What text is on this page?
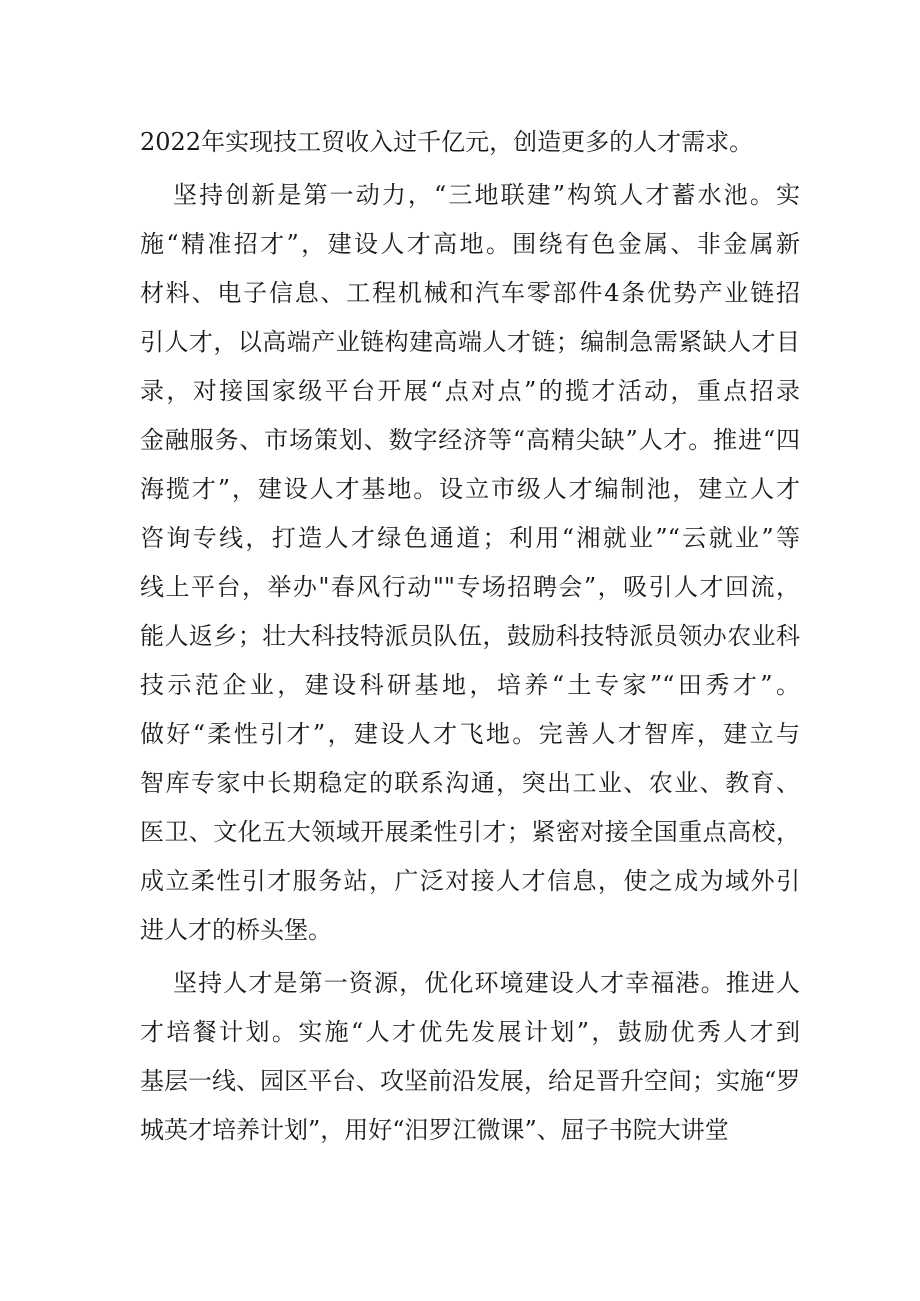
2022年实现技工贸收入过千亿元，创造更多的人才需求。
坚持创新是第一动力，“三地联建”构筑人才蓄水池。实
施“精准招才”，建设人才高地。围绕有色金属、非金属新
材料、电子信息、工程机械和汽车零部件4条优势产业链招
引人才，以高端产业链构建高端人才链；编制急需紧缺人才目
录，对接国家级平台开展“点对点”的揽才活动，重点招录
金融服务、市场策划、数字经济等“高精尖缺”人才。推进“四
海揽才”，建设人才基地。设立市级人才编制池，建立人才
咨询专线，打造人才绿色通道；利用“湘就业”“云就业”等
线上平台，举办"春风行动""专场招聘会”，吸引人才回流，
能人返乡；壮大科技特派员队伍，鼓励科技特派员领办农业科
技示范企业，建设科研基地，培养“土专家”“田秀才”。
做好“柔性引才”，建设人才飞地。完善人才智库，建立与
智库专家中长期稳定的联系沟通，突出工业、农业、教育、
医卫、文化五大领域开展柔性引才；紧密对接全国重点高校，
成立柔性引才服务站，广泛对接人才信息，使之成为域外引
进人才的桥头堡。
坚持人才是第一资源，优化环境建设人才幸福港。推进人
才培餐计划。实施“人才优先发展计划”，鼓励优秀人才到
基层一线、园区平台、攻坚前沿发展，给足晋升空间；实施“罗
城英才培养计划”，用好“汨罗江微课”、屈子书院大讲堂
